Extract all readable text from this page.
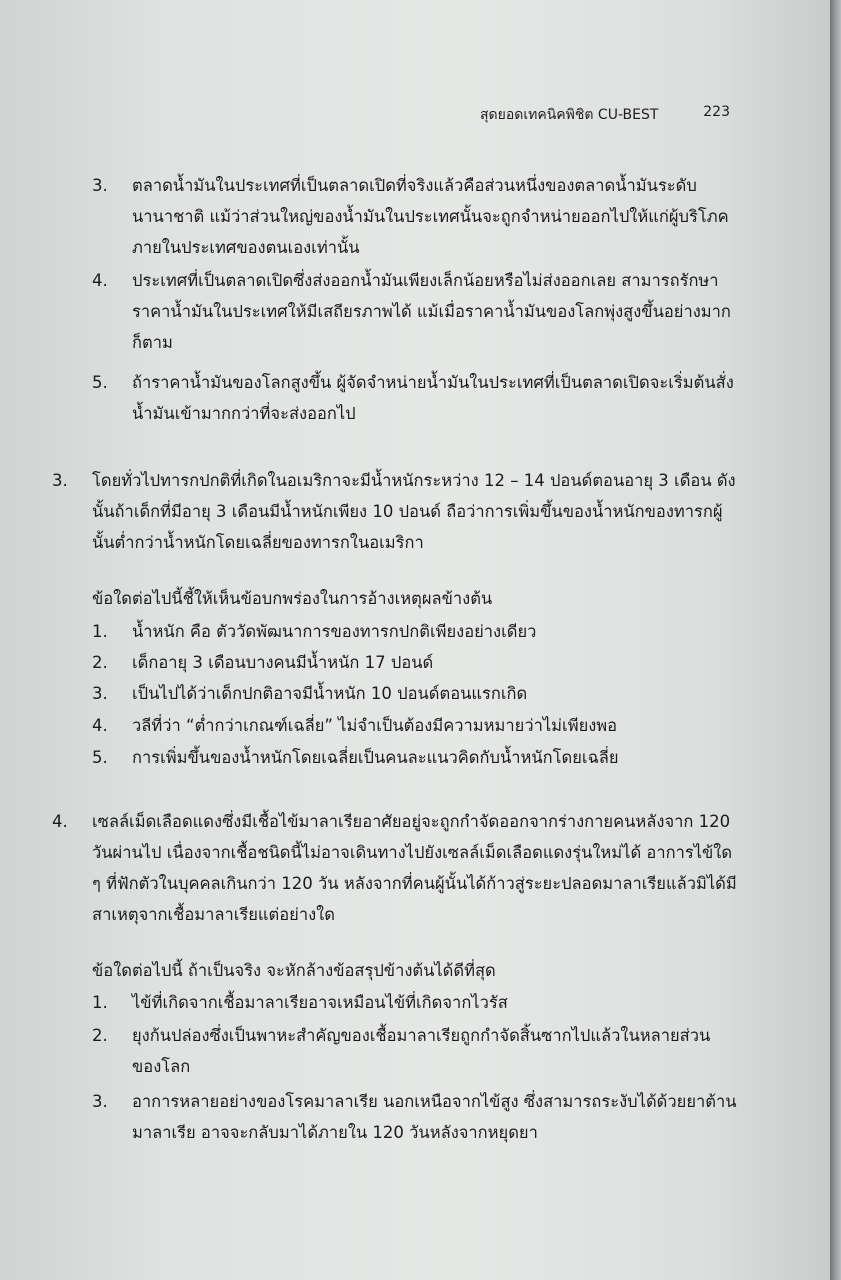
สุดยอดเทคนิคพิชิต CU-BEST	223
3. ตลาดน้ำมันในประเทศที่เป็นตลาดเปิดที่จริงแล้วคือส่วนหนึ่งของตลาดน้ำมันระดับนานาชาติ แม้ว่าส่วนใหญ่ของน้ำมันในประเทศนั้นจะถูกจำหน่ายออกไปให้แก่ผู้บริโภคภายในประเทศของตนเองเท่านั้น
4. ประเทศที่เป็นตลาดเปิดซึ่งส่งออกน้ำมันเพียงเล็กน้อยหรือไม่ส่งออกเลย สามารถรักษาราคาน้ำมันในประเทศให้มีเสถียรภาพได้ แม้เมื่อราคาน้ำมันของโลกพุ่งสูงขึ้นอย่างมากก็ตาม
5. ถ้าราคาน้ำมันของโลกสูงขึ้น ผู้จัดจำหน่ายน้ำมันในประเทศที่เป็นตลาดเปิดจะเริ่มต้นสั่งน้ำมันเข้ามากกว่าที่จะส่งออกไป
3. โดยทั่วไปทารกปกติที่เกิดในอเมริกาจะมีน้ำหนักระหว่าง 12 – 14 ปอนด์ตอนอายุ 3 เดือน ดังนั้นถ้าเด็กที่มีอายุ 3 เดือนมีน้ำหนักเพียง 10 ปอนด์ ถือว่าการเพิ่มขึ้นของน้ำหนักของทารกผู้นั้นต่ำกว่าน้ำหนักโดยเฉลี่ยของทารกในอเมริกา
ข้อใดต่อไปนี้ชี้ให้เห็นข้อบกพร่องในการอ้างเหตุผลข้างต้น
1. น้ำหนัก คือ ตัววัดพัฒนาการของทารกปกติเพียงอย่างเดียว
2. เด็กอายุ 3 เดือนบางคนมีน้ำหนัก 17 ปอนด์
3. เป็นไปได้ว่าเด็กปกติอาจมีน้ำหนัก 10 ปอนด์ตอนแรกเกิด
4. วลีที่ว่า “ต่ำกว่าเกณฑ์เฉลี่ย” ไม่จำเป็นต้องมีความหมายว่าไม่เพียงพอ
5. การเพิ่มขึ้นของน้ำหนักโดยเฉลี่ยเป็นคนละแนวคิดกับน้ำหนักโดยเฉลี่ย
4. เซลล์เม็ดเลือดแดงซึ่งมีเชื้อไข้มาลาเรียอาศัยอยู่จะถูกกำจัดออกจากร่างกายคนหลังจาก 120 วันผ่านไป เนื่องจากเชื้อชนิดนี้ไม่อาจเดินทางไปยังเซลล์เม็ดเลือดแดงรุ่นใหม่ได้ อาการไข้ใด ๆ ที่ฟักตัวในบุคคลเกินกว่า 120 วัน หลังจากที่คนผู้นั้นได้ก้าวสู่ระยะปลอดมาลาเรียแล้วมิได้มีสาเหตุจากเชื้อมาลาเรียแต่อย่างใด
ข้อใดต่อไปนี้ ถ้าเป็นจริง จะหักล้างข้อสรุปข้างต้นได้ดีที่สุด
1. ไข้ที่เกิดจากเชื้อมาลาเรียอาจเหมือนไข้ที่เกิดจากไวรัส
2. ยุงก้นปล่องซึ่งเป็นพาหะสำคัญของเชื้อมาลาเรียถูกกำจัดสิ้นซากไปแล้วในหลายส่วนของโลก
3. อาการหลายอย่างของโรคมาลาเรีย นอกเหนือจากไข้สูง ซึ่งสามารถระงับได้ด้วยยาต้านมาลาเรีย อาจจะกลับมาได้ภายใน 120 วันหลังจากหยุดยา
